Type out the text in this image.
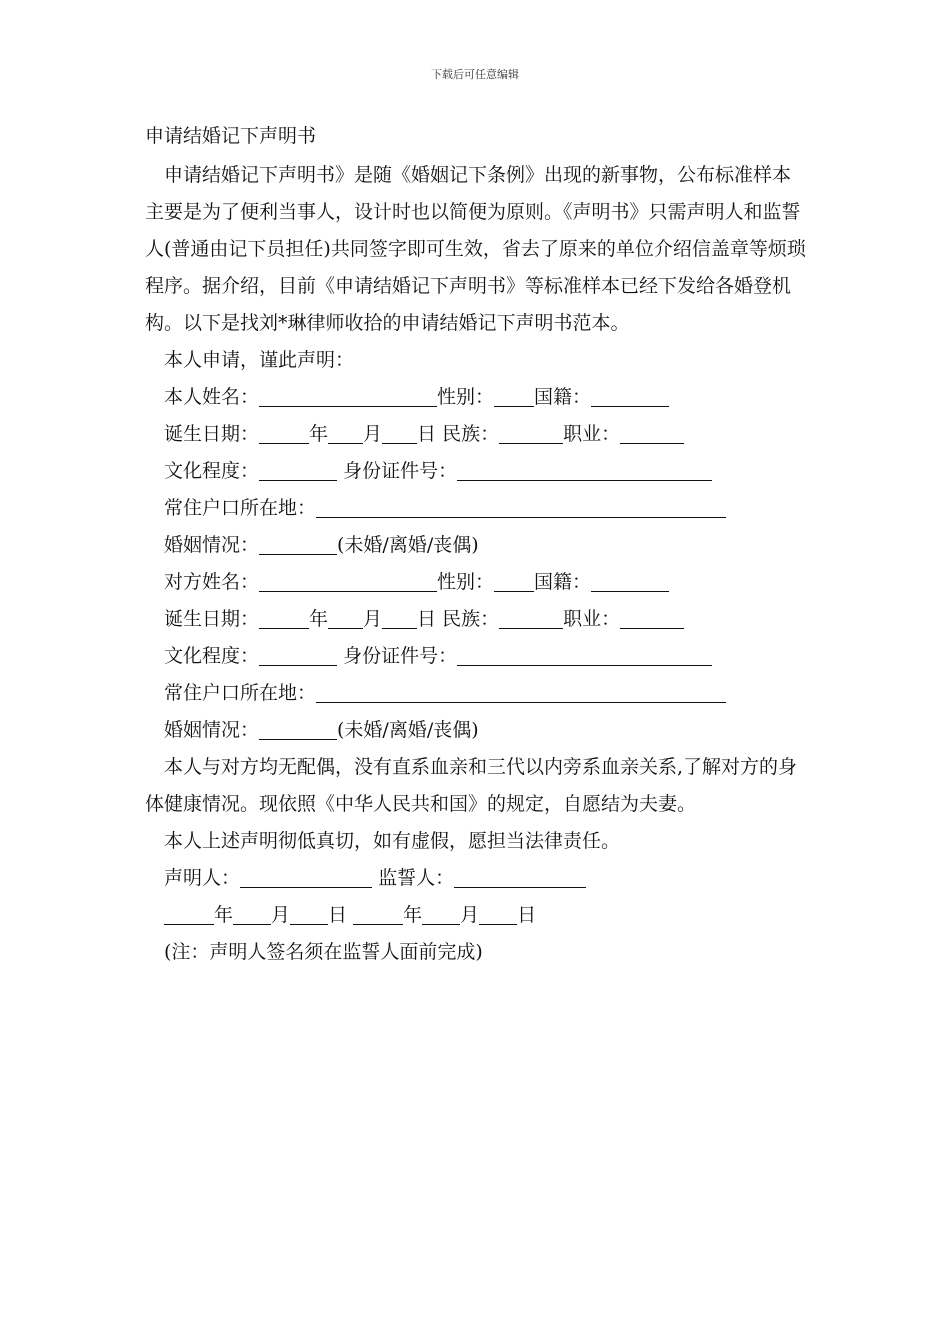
下载后可任意编辑
申请结婚记下声明书

申请结婚记下声明书》是随《婚姻记下条例》出现的新事物，公布标准样本主要是为了便利当事人，设计时也以简便为原则。《声明书》只需声明人和监誓人(普通由记下员担任)共同签字即可生效，省去了原来的单位介绍信盖章等烦琐程序。据介绍，目前《申请结婚记下声明书》等标准样本已经下发给各婚登机构。以下是找刘*琳律师收拾的申请结婚记下声明书范本。

本人申请，谨此声明：
本人姓名：	性别： 国籍：
诞生日期：	年 月 日 民族：	职业：
文化程度：	身份证件号：
常住户口所在地：
婚姻情况：	(未婚/离婚/丧偶)
对方姓名：	性别： 国籍：
诞生日期：	年 月 日 民族：	职业：
文化程度：	身份证件号：
常住户口所在地：
婚姻情况：	(未婚/离婚/丧偶)

本人与对方均无配偶，没有直系血亲和三代以内旁系血亲关系,了解对方的身体健康情况。现依照《中华人民共和国》的规定，自愿结为夫妻。

本人上述声明彻低真切，如有虚假，愿担当法律责任。
声明人：	监誓人：
年 月 日	年 月 日
(注：声明人签名须在监誓人面前完成)
